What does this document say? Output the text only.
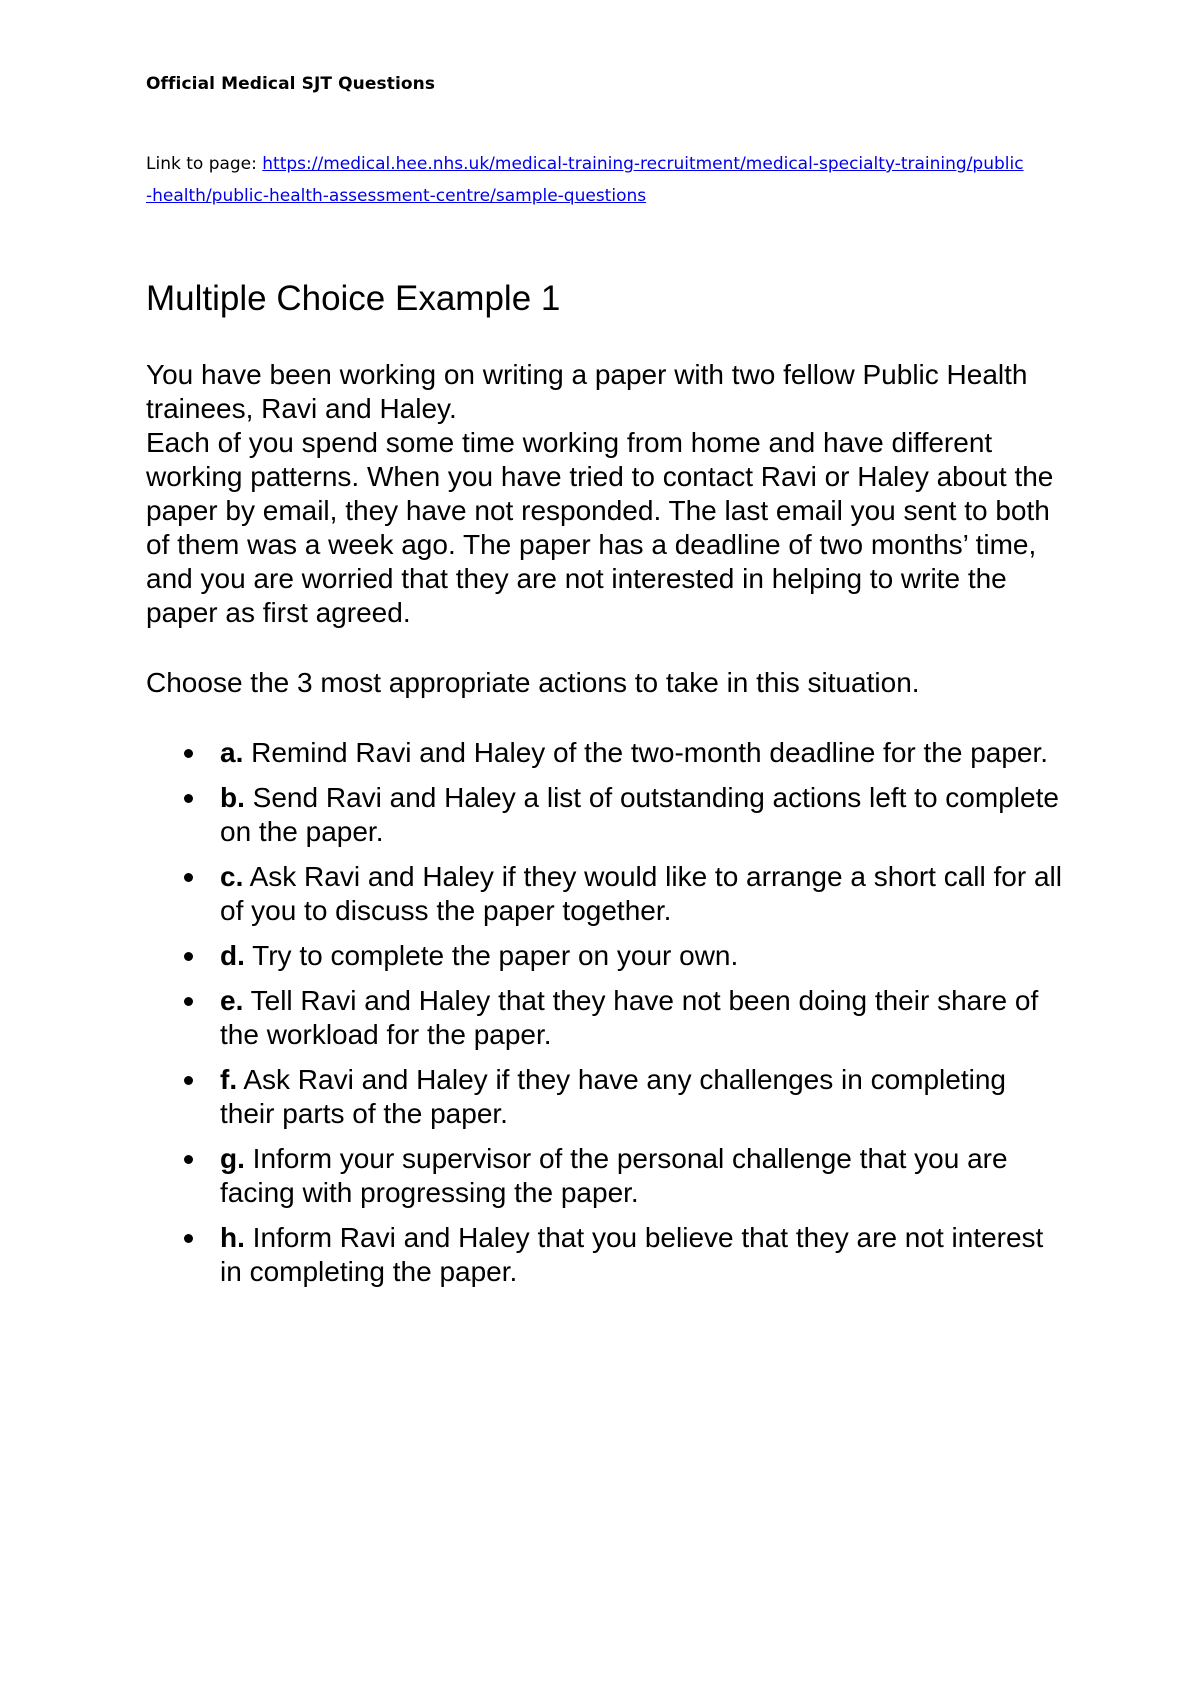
Official Medical SJT Questions
Link to page: https://medical.hee.nhs.uk/medical-training-recruitment/medical-specialty-training/public-health/public-health-assessment-centre/sample-questions
Multiple Choice Example 1

You have been working on writing a paper with two fellow Public Health trainees, Ravi and Haley.

Each of you spend some time working from home and have different working patterns. When you have tried to contact Ravi or Haley about the paper by email, they have not responded. The last email you sent to both of them was a week ago. The paper has a deadline of two months’ time, and you are worried that they are not interested in helping to write the paper as first agreed.

Choose the 3 most appropriate actions to take in this situation.

a. Remind Ravi and Haley of the two-month deadline for the paper.
b. Send Ravi and Haley a list of outstanding actions left to complete on the paper.
c. Ask Ravi and Haley if they would like to arrange a short call for all of you to discuss the paper together.
d. Try to complete the paper on your own.
e. Tell Ravi and Haley that they have not been doing their share of the workload for the paper.
f. Ask Ravi and Haley if they have any challenges in completing their parts of the paper.
g. Inform your supervisor of the personal challenge that you are facing with progressing the paper.
h. Inform Ravi and Haley that you believe that they are not interest in completing the paper.
